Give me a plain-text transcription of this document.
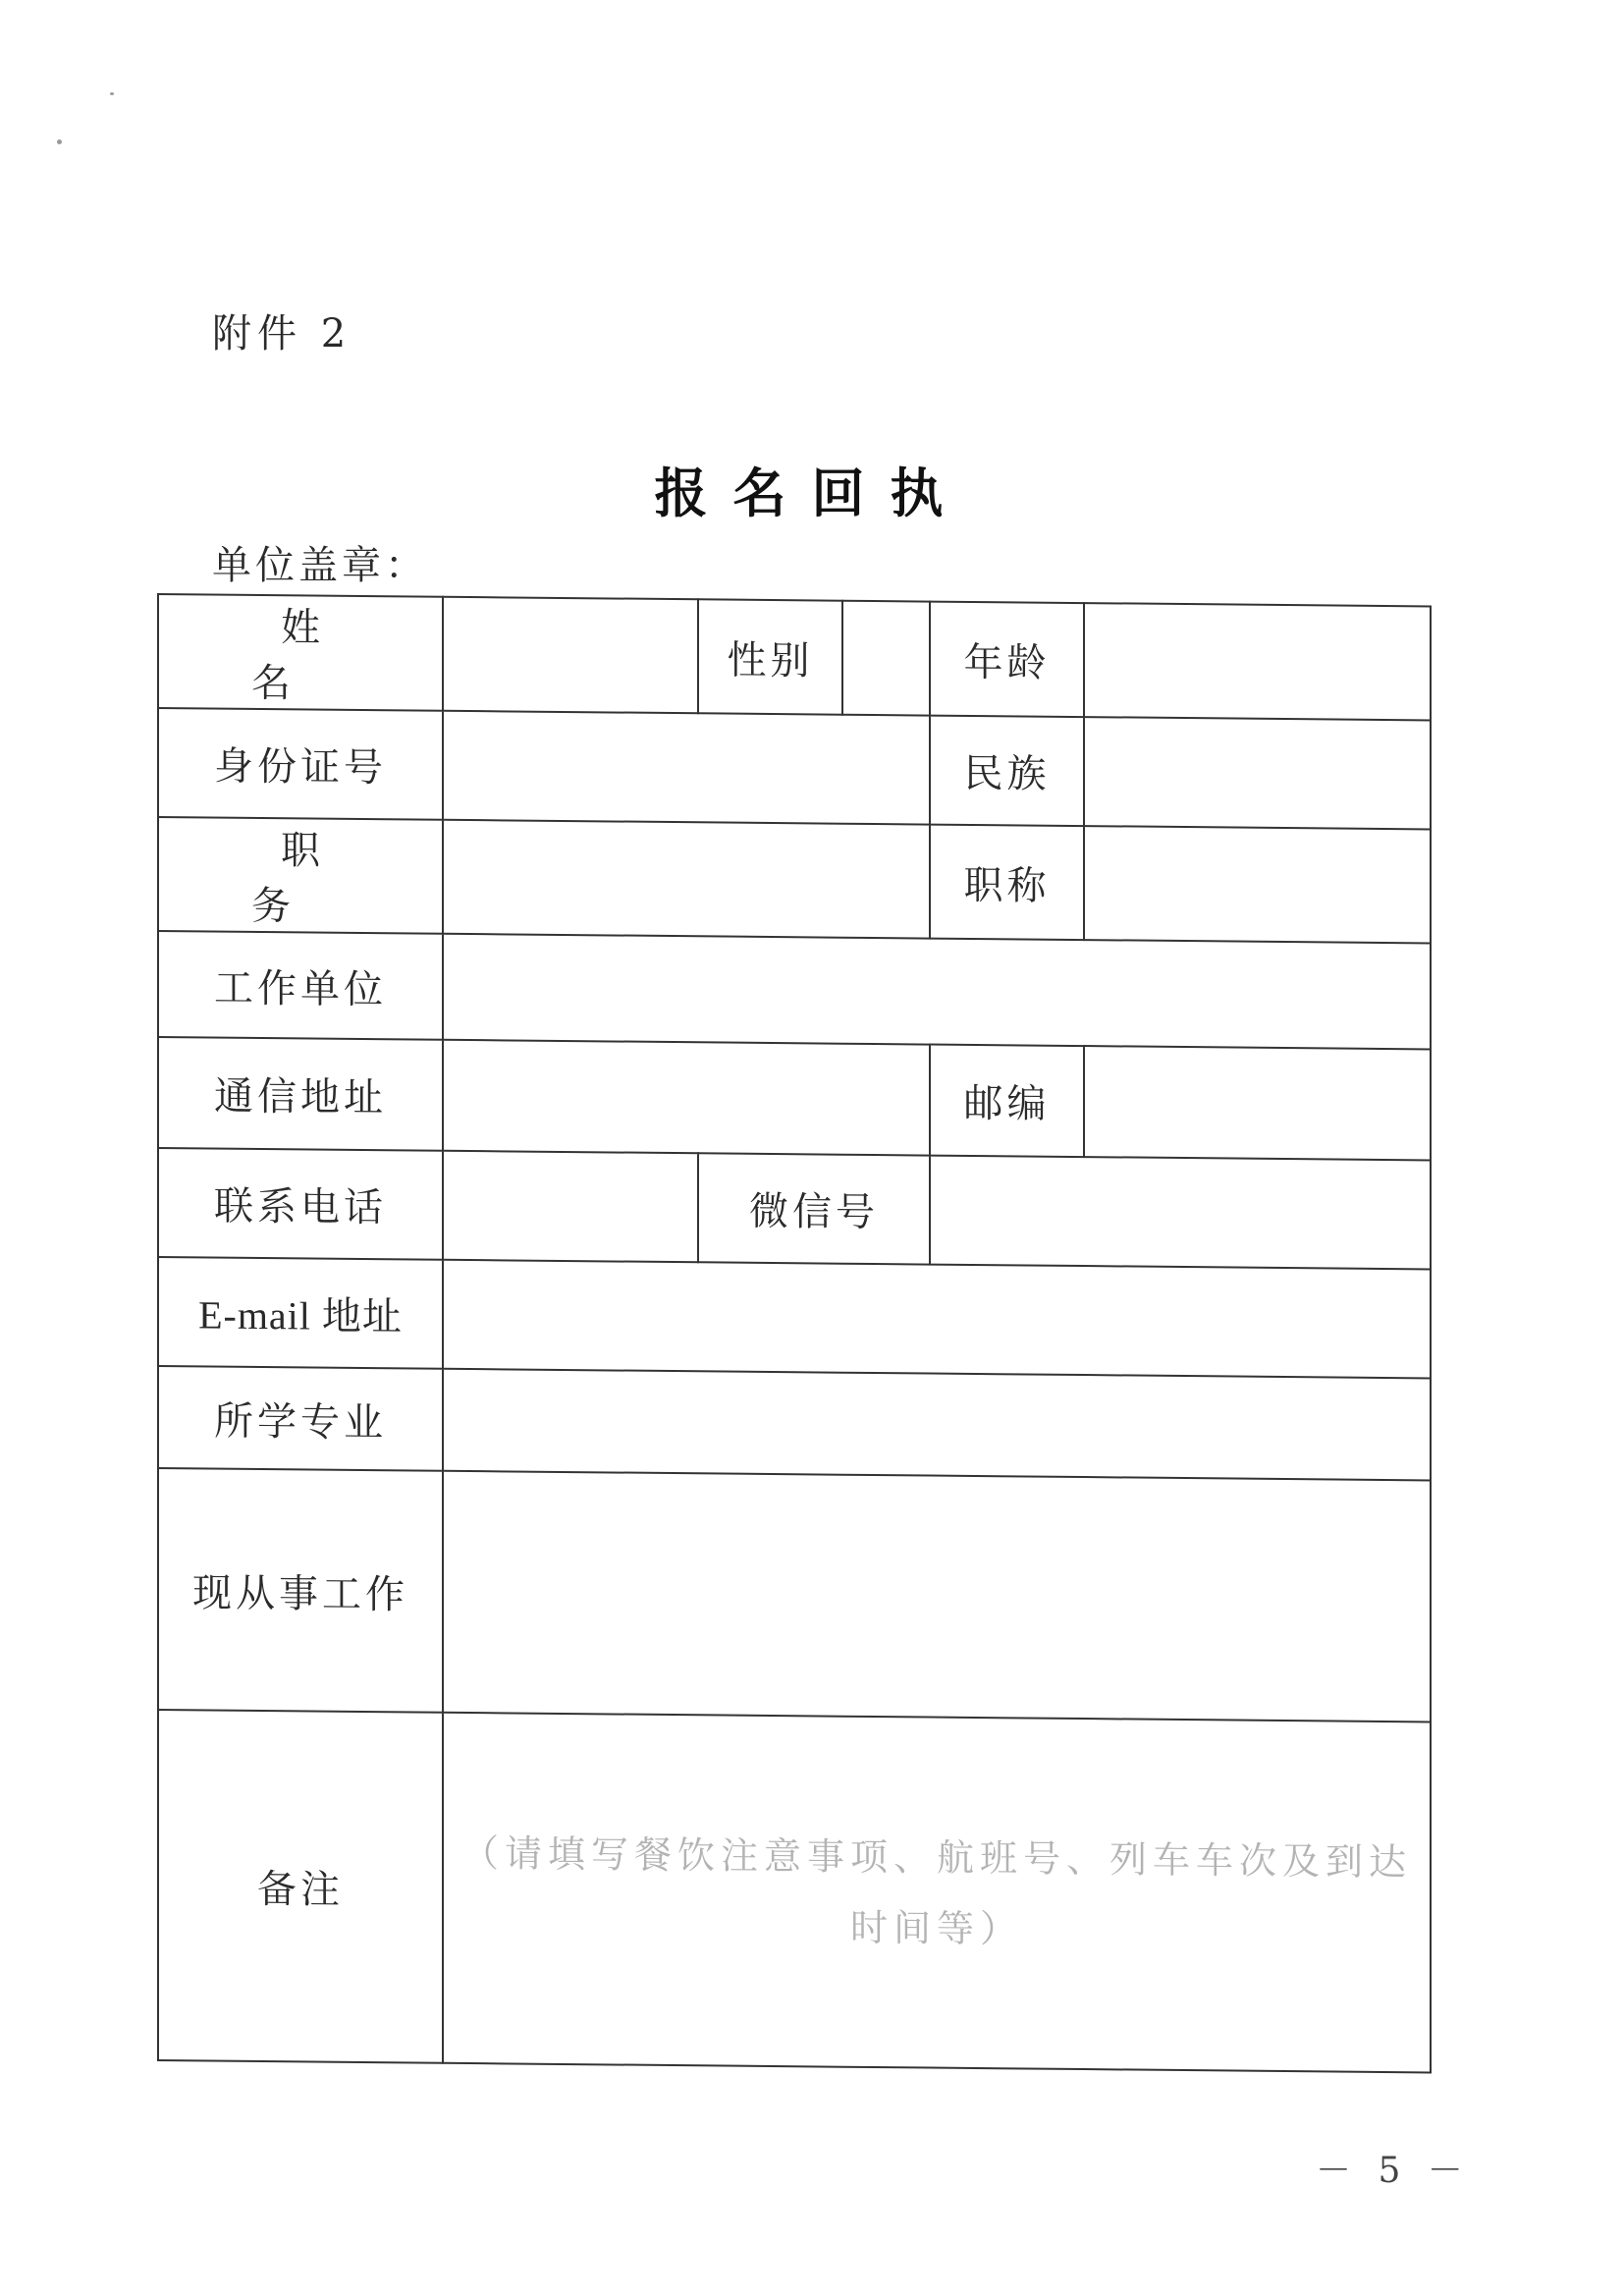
附件 2
报名回执
单位盖章：
姓　名		性别		年龄	
身份证号				民族	
职　务				职称	
工作单位					
通信地址				邮编	
联系电话		微信号			
E-mail 地址					
所学专业					
现从事工作					
备注	（请填写餐饮注意事项、航班号、列车车次及到达时间等）				
－ 5 －
